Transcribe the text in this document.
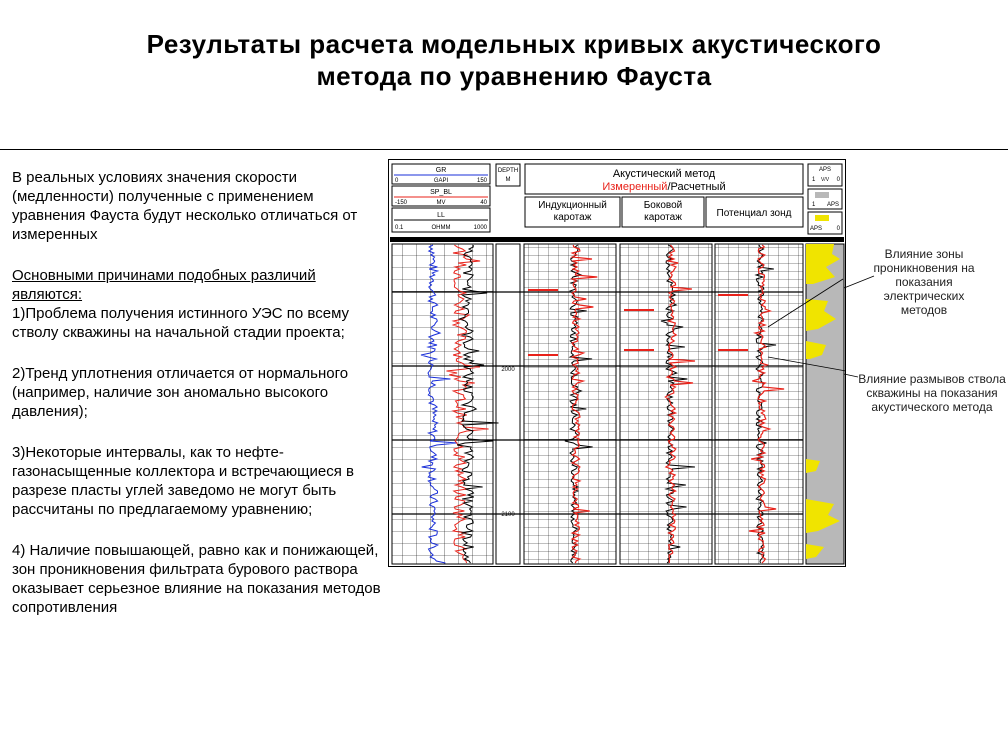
Результаты расчета модельных кривых акустического
метода по уравнению Фауста

В реальных условиях значения скорости (медленности) полученные с применением уравнения Фауста будут несколько отличаться от измеренных

Основными причинами подобных различий
являются:

1)Проблема получения истинного УЭС по всему стволу скважины на начальной стадии проекта;

2)Тренд уплотнения отличается от нормального (например, наличие зон аномально высокого давления);

3)Некоторые интервалы, как то нефте-газонасыщенные коллектора и встречающиеся в разрезе пласты углей заведомо не могут быть рассчитаны по предлагаемому уравнению;

4) Наличие повышающей, равно как и понижающей, зон проникновения фильтрата бурового раствора оказывает серьезное влияние на показания методов сопротивления

GR
0	GAPI	150
SP_BL
-150	MV	40
LL
0.1	OHMM	1000
DEPTH
M	Акустический метод
Измеренный/Расчетный
Индукционный каротаж
Боковой каротаж	Потенциал зонд
APS
1 V/V 0
1 APS
APS 0
2000
2100
Влияние зоны проникновения на показания электрических методов
Влияние размывов ствола скважины на показания акустического метода
